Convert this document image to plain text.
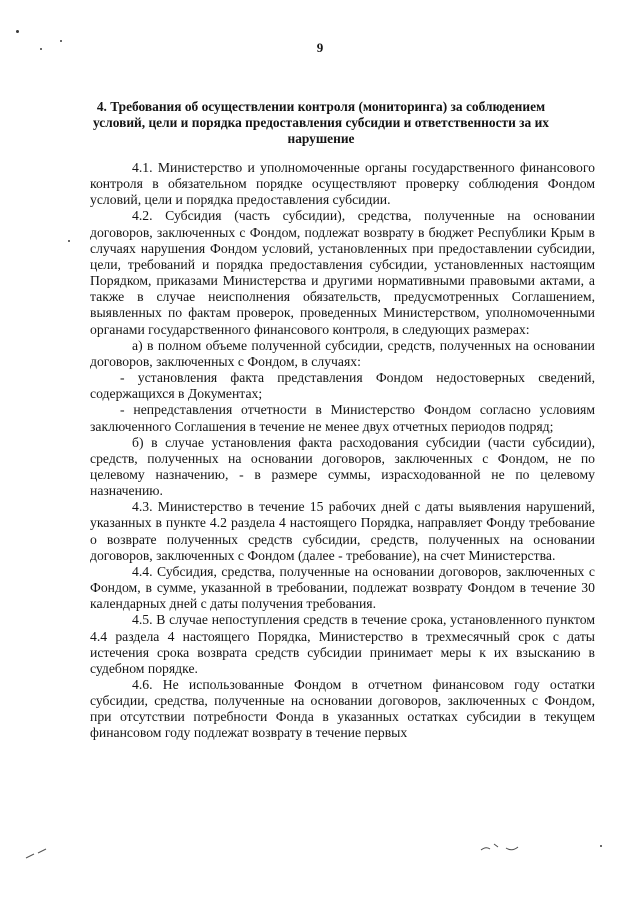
9
4. Требования об осуществлении контроля (мониторинга) за соблюдением условий, цели и порядка предоставления субсидии и ответственности за их нарушение

4.1. Министерство и уполномоченные органы государственного финансового контроля в обязательном порядке осуществляют проверку соблюдения Фондом условий, цели и порядка предоставления субсидии.

4.2. Субсидия (часть субсидии), средства, полученные на основании договоров, заключенных с Фондом, подлежат возврату в бюджет Республики Крым в случаях нарушения Фондом условий, установленных при предоставлении субсидии, цели, требований и порядка предоставления субсидии, установленных настоящим Порядком, приказами Министерства и другими нормативными правовыми актами, а также в случае неисполнения обязательств, предусмотренных Соглашением, выявленных по фактам проверок, проведенных Министерством, уполномоченными органами государственного финансового контроля, в следующих размерах:

а) в полном объеме полученной субсидии, средств, полученных на основании договоров, заключенных с Фондом, в случаях:

- установления факта представления Фондом недостоверных сведений, содержащихся в Документах;

- непредставления отчетности в Министерство Фондом согласно условиям заключенного Соглашения в течение не менее двух отчетных периодов подряд;

б) в случае установления факта расходования субсидии (части субсидии), средств, полученных на основании договоров, заключенных с Фондом, не по целевому назначению, - в размере суммы, израсходованной не по целевому назначению.

4.3. Министерство в течение 15 рабочих дней с даты выявления нарушений, указанных в пункте 4.2 раздела 4 настоящего Порядка, направляет Фонду требование о возврате полученных средств субсидии, средств, полученных на основании договоров, заключенных с Фондом (далее - требование), на счет Министерства.

4.4. Субсидия, средства, полученные на основании договоров, заключенных с Фондом, в сумме, указанной в требовании, подлежат возврату Фондом в течение 30 календарных дней с даты получения требования.

4.5. В случае непоступления средств в течение срока, установленного пунктом 4.4 раздела 4 настоящего Порядка, Министерство в трехмесячный срок с даты истечения срока возврата средств субсидии принимает меры к их взысканию в судебном порядке.

4.6. Не использованные Фондом в отчетном финансовом году остатки субсидии, средства, полученные на основании договоров, заключенных с Фондом, при отсутствии потребности Фонда в указанных остатках субсидии в текущем финансовом году подлежат возврату в течение первых
